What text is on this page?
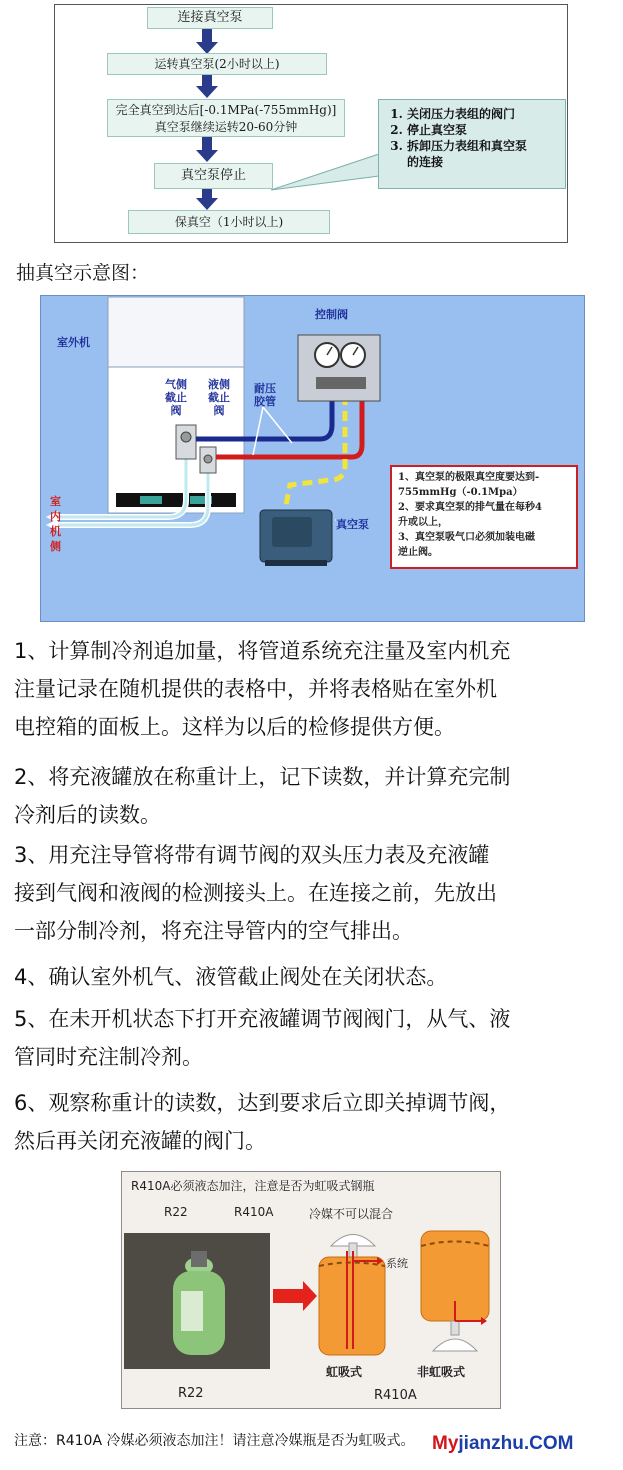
连接真空泵
运转真空泵(2小时以上)
完全真空到达后[-0.1MPa(-755mmHg)]
真空泵继续运转20-60分钟
真空泵停止
保真空（1小时以上)
1. 关闭压力表组的阀门
2. 停止真空泵
3. 拆卸压力表组和真空泵
的连接
抽真空示意图：
室外机
控制阀
气侧
截止
阀
液侧
截止
阀
耐压
胶管
室
内
机
侧
真空泵
1、真空泵的极限真空度要达到-
755mmHg（-0.1Mpa）
2、要求真空泵的排气量在每秒4
升或以上，
3、真空泵吸气口必须加装电磁
逆止阀。
1、计算制冷剂追加量，将管道系统充注量及室内机充
注量记录在随机提供的表格中，并将表格贴在室外机
电控箱的面板上。这样为以后的检修提供方便。
2、将充液罐放在称重计上，记下读数，并计算充完制
冷剂后的读数。
3、用充注导管将带有调节阀的双头压力表及充液罐
接到气阀和液阀的检测接头上。在连接之前，先放出
一部分制冷剂，将充注导管内的空气排出。
4、确认室外机气、液管截止阀处在关闭状态。
5、在未开机状态下打开充液罐调节阀阀门，从气、液
管同时充注制冷剂。
6、观察称重计的读数，达到要求后立即关掉调节阀，
然后再关闭充液罐的阀门。
R410A必须液态加注，注意是否为虹吸式钢瓶
R22	R410A	冷媒不可以混合
系统
虹吸式	非虹吸式
R22	R410A
注意：R410A 冷媒必须液态加注！请注意冷媒瓶是否为虹吸式。 Myjianzhu.COM
